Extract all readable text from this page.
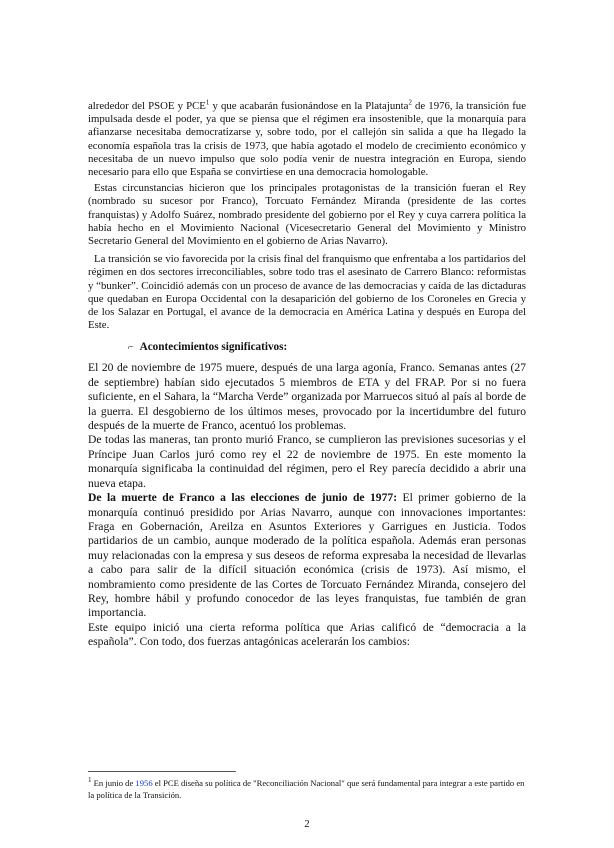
alrededor del PSOE y PCE$^1$ y que acabarán fusionándose en la Platajunta$^2$ de 1976, la transición fue impulsada desde el poder, ya que se piensa que el régimen era insostenible, que la monarquía para afianzarse necesitaba democratizarse y, sobre todo, por el callejón sin salida a que ha llegado la economía española tras la crisis de 1973, que había agotado el modelo de crecimiento económico y necesitaba de un nuevo impulso que solo podía venir de nuestra integración en Europa, siendo necesario para ello que España se convirtiese en una democracia homologable.

Estas circunstancias hicieron que los principales protagonistas de la transición fueran el Rey (nombrado su sucesor por Franco), Torcuato Fernández Miranda (presidente de las cortes franquistas) y Adolfo Suárez, nombrado presidente del gobierno por el Rey y cuya carrera política la había hecho en el Movimiento Nacional (Vicesecretario General del Movimiento y Ministro Secretario General del Movimiento en el gobierno de Arias Navarro).

La transición se vio favorecida por la crisis final del franquismo que enfrentaba a los partidarios del régimen en dos sectores irreconciliables, sobre todo tras el asesinato de Carrero Blanco: reformistas y “bunker”. Coincidió además con un proceso de avance de las democracias y caída de las dictaduras que quedaban en Europa Occidental con la desaparición del gobierno de los Coroneles en Grecia y de los Salazar en Portugal, el avance de la democracia en América Latina y después en Europa del Este.

⌐ Acontecimientos significativos:

El 20 de noviembre de 1975 muere, después de una larga agonía, Franco. Semanas antes (27 de septiembre) habían sido ejecutados 5 miembros de ETA y del FRAP. Por si no fuera suficiente, en el Sahara, la “Marcha Verde” organizada por Marruecos situó al país al borde de la guerra. El desgobierno de los últimos meses, provocado por la incertidumbre del futuro después de la muerte de Franco, acentuó los problemas.

De todas las maneras, tan pronto murió Franco, se cumplieron las previsiones sucesorias y el Príncipe Juan Carlos juró como rey el 22 de noviembre de 1975. En este momento la monarquía significaba la continuidad del régimen, pero el Rey parecía decidido a abrir una nueva etapa.

De la muerte de Franco a las elecciones de junio de 1977: El primer gobierno de la monarquía continuó presidido por Arias Navarro, aunque con innovaciones importantes: Fraga en Gobernación, Areilza en Asuntos Exteriores y Garrigues en Justicia. Todos partidarios de un cambio, aunque moderado de la política española. Además eran personas muy relacionadas con la empresa y sus deseos de reforma expresaba la necesidad de llevarlas a cabo para salir de la difícil situación económica (crisis de 1973). Así mismo, el nombramiento como presidente de las Cortes de Torcuato Fernández Miranda, consejero del Rey, hombre hábil y profundo conocedor de las leyes franquistas, fue también de gran importancia.

Este equipo inició una cierta reforma política que Arias calificó de “democracia a la española”. Con todo, dos fuerzas antagónicas acelerarán los cambios:

$^1$ En junio de 1956 el PCE diseña su política de "Reconciliación Nacional" que será fundamental para integrar a este partido en la política de la Transición.
2
